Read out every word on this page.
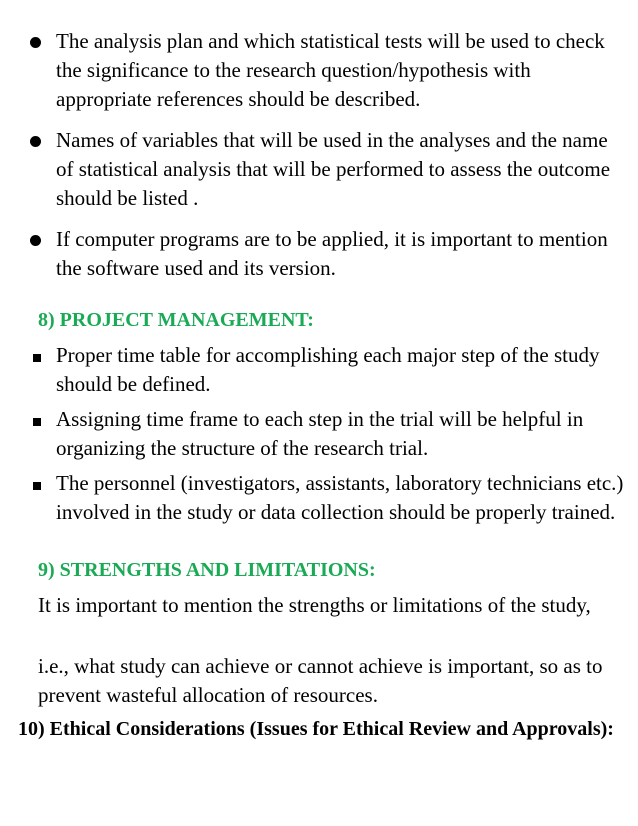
The analysis plan and which statistical tests will be used to check the significance to the research question/hypothesis with appropriate references should be described.
Names of variables that will be used in the analyses and the name of statistical analysis that will be performed to assess the outcome should be listed .
If computer programs are to be applied, it is important to mention the software used and its version.
8) PROJECT MANAGEMENT:
Proper time table for accomplishing each major step of the study should be defined.
Assigning time frame to each step in the trial will be helpful in organizing the structure of the research trial.
The personnel (investigators, assistants, laboratory technicians etc.) involved in the study or data collection should be properly trained.
9) STRENGTHS AND LIMITATIONS:

It is important to mention the strengths or limitations of the study,

i.e., what study can achieve or cannot achieve is important, so as to prevent wasteful allocation of resources.

10) Ethical Considerations (Issues for Ethical Review and Approvals):
